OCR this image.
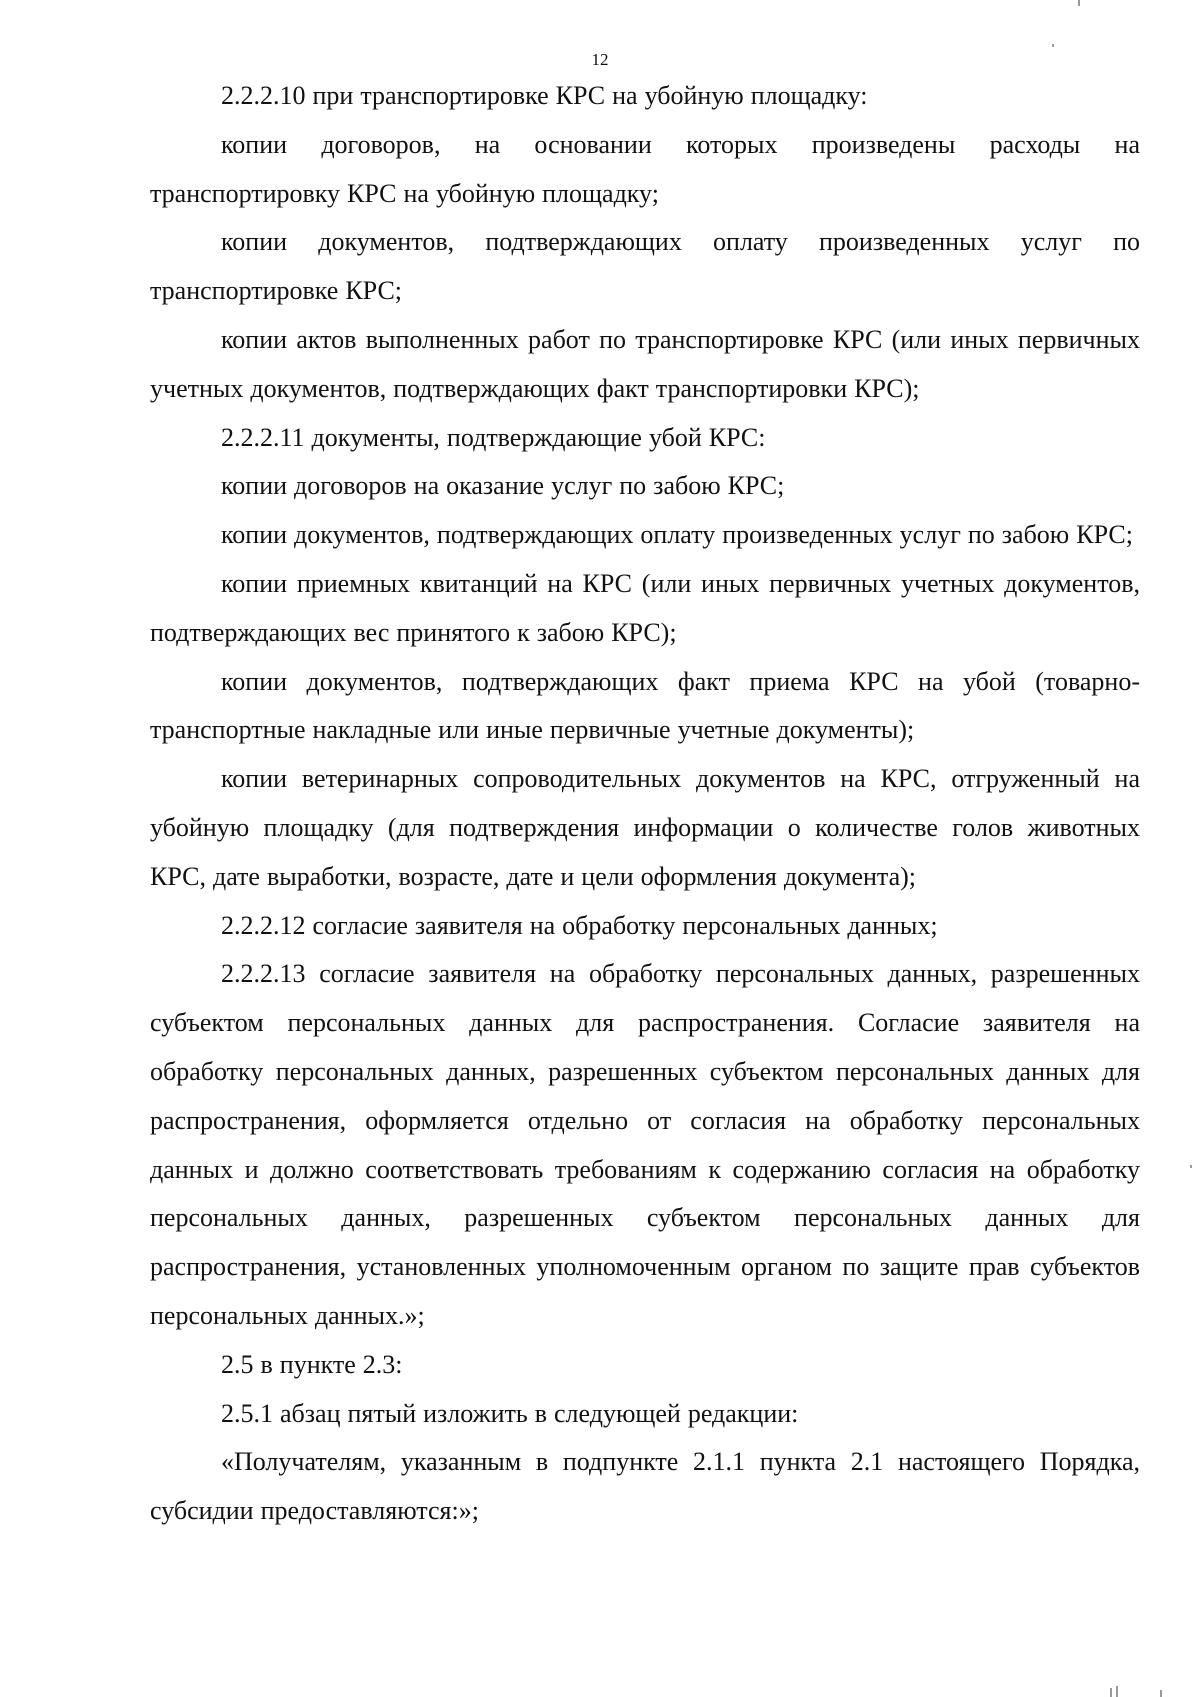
12

2.2.2.10 при транспортировке КРС на убойную площадку:

копии договоров, на основании которых произведены расходы на транспортировку КРС на убойную площадку;

копии документов, подтверждающих оплату произведенных услуг по транспортировке КРС;

копии актов выполненных работ по транспортировке КРС (или иных первичных учетных документов, подтверждающих факт транспортировки КРС);

2.2.2.11 документы, подтверждающие убой КРС:

копии договоров на оказание услуг по забою КРС;

копии документов, подтверждающих оплату произведенных услуг по забою КРС;

копии приемных квитанций на КРС (или иных первичных учетных документов, подтверждающих вес принятого к забою КРС);

копии документов, подтверждающих факт приема КРС на убой (товарно-транспортные накладные или иные первичные учетные документы);

копии ветеринарных сопроводительных документов на КРС, отгруженный на убойную площадку (для подтверждения информации о количестве голов животных КРС, дате выработки, возрасте, дате и цели оформления документа);

2.2.2.12 согласие заявителя на обработку персональных данных;

2.2.2.13 согласие заявителя на обработку персональных данных, разрешенных субъектом персональных данных для распространения. Согласие заявителя на обработку персональных данных, разрешенных субъектом персональных данных для распространения, оформляется отдельно от согласия на обработку персональных данных и должно соответствовать требованиям к содержанию согласия на обработку персональных данных, разрешенных субъектом персональных данных для распространения, установленных уполномоченным органом по защите прав субъектов персональных данных.»;

2.5 в пункте 2.3:

2.5.1 абзац пятый изложить в следующей редакции:

«Получателям, указанным в подпункте 2.1.1 пункта 2.1 настоящего Порядка, субсидии предоставляются:»;
